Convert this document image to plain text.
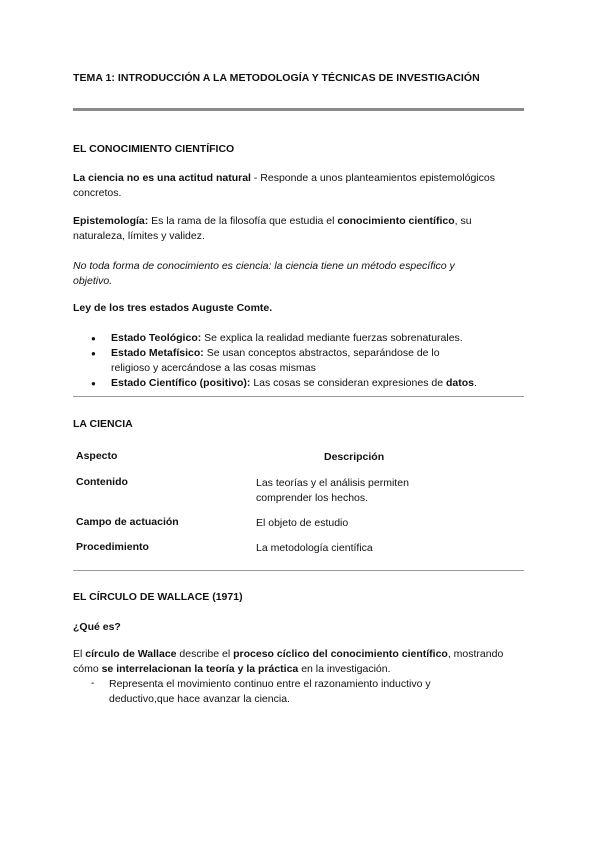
TEMA 1: INTRODUCCIÓN A LA METODOLOGÍA Y TÉCNICAS DE INVESTIGACIÓN
EL CONOCIMIENTO CIENTÍFICO
La ciencia no es una actitud natural - Responde a unos planteamientos epistemológicos concretos.
Epistemología: Es la rama de la filosofía que estudia el conocimiento científico, su naturaleza, límites y validez.
No toda forma de conocimiento es ciencia: la ciencia tiene un método específico y objetivo.
Ley de los tres estados Auguste Comte.
● Estado Teológico: Se explica la realidad mediante fuerzas sobrenaturales.
● Estado Metafísico: Se usan conceptos abstractos, separándose de lo religioso y acercándose a las cosas mismas
● Estado Científico (positivo): Las cosas se consideran expresiones de datos.
LA CIENCIA
Aspecto	Descripción
Contenido	Las teorías y el análisis permiten comprender los hechos.
Campo de actuación	El objeto de estudio
Procedimiento	La metodología científica
EL CÍRCULO DE WALLACE (1971)
¿Qué es?
El círculo de Wallace describe el proceso cíclico del conocimiento científico, mostrando cómo se interrelacionan la teoría y la práctica en la investigación.
- Representa el movimiento continuo entre el razonamiento inductivo y deductivo,que hace avanzar la ciencia.
